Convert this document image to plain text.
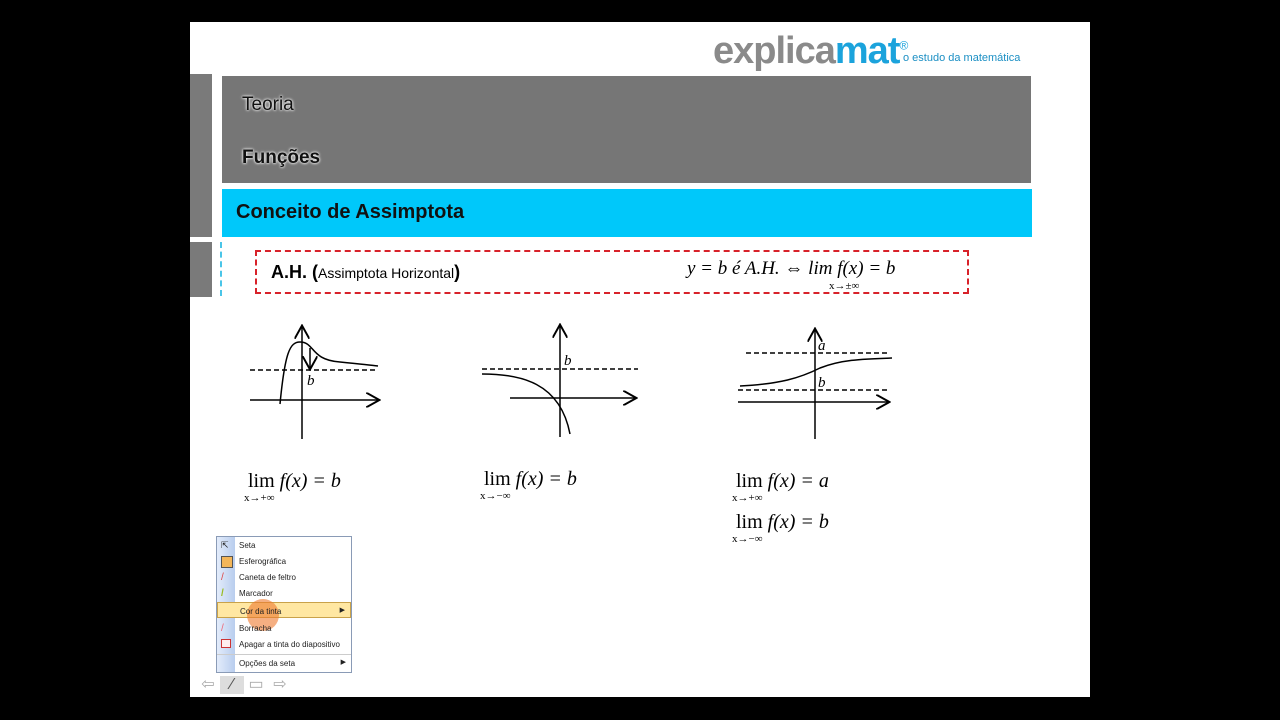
explicamat®
o estudo da matemática
Teoria
Funções
Conceito de Assimptota
A.H. (Assimptota Horizontal)	y = b é A.H. ⇔ lim f(x) = b
x→±∞
b
b
a
b
lim f(x) = b
x→+∞
lim f(x) = b
x→−∞
lim f(x) = a
x→+∞
lim f(x) = b
x→−∞
⇱	Seta
Esferográfica
/	Caneta de feltro
/	Marcador
Cor da tinta	▶
/	Borracha
Apagar a tinta do diapositivo
Opções da seta	▶
⇦ ∕ ▭ ⇨
